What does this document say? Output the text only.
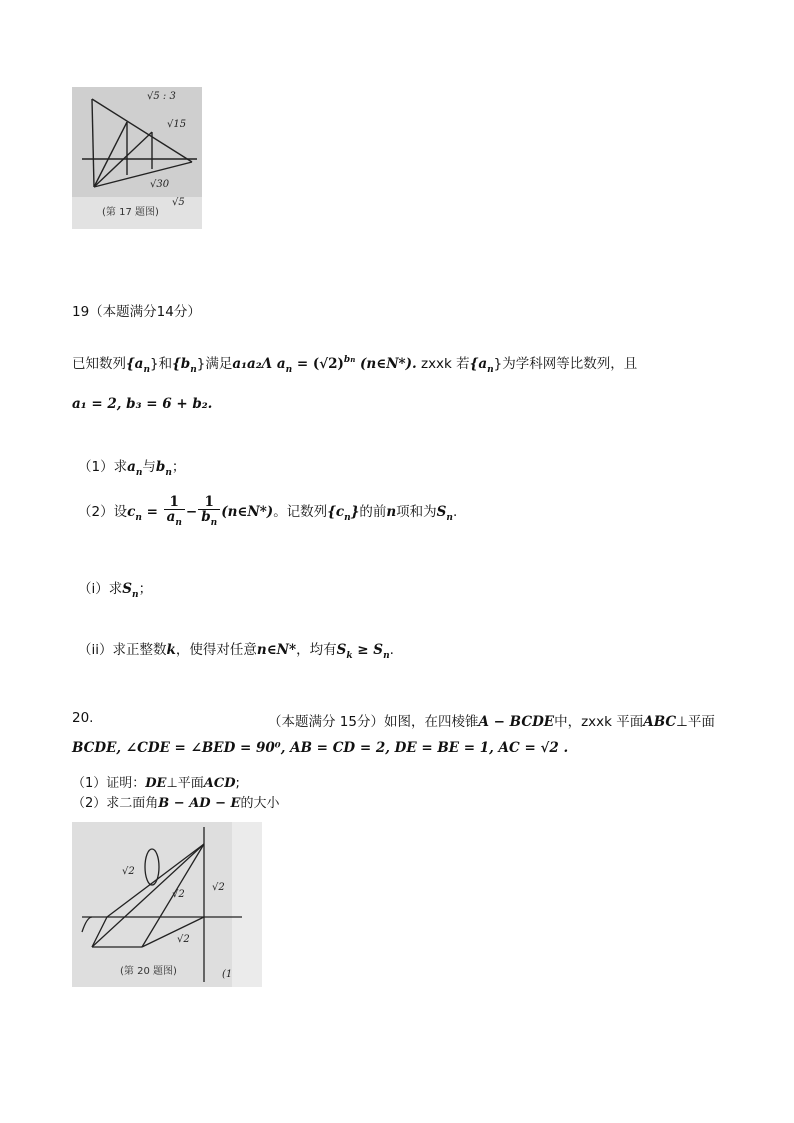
√5 : 3
√15
√30
√5
(第 17 题图)
19（本题满分14分）
已知数列$\{a_n\}$和$\{b_n\}$满足a₁a₂Λ $a_n = (√2)^{bn}$ (n∈N*). zxxk 若$\{a_n\}$为学科网等比数列，且
a₁ = 2, b₃ = 6 + b₂.
（1）求$a_n$与$b_n$；
（2）设$c_n = \frac{1}{a_n} - \frac{1}{b_n}$ (n∈N*)。记数列$\{c_n\}$的前n项和为$S_n$.
（i）求$S_n$；
（ii）求正整数k，使得对任意n∈N*，均有$S_k \ge S_n$.
20.	（本题满分 15分）如图，在四棱锥A − BCDE中，zxxk 平面ABC⊥平面
BCDE, ∠CDE = ∠BED = 90⁰, AB = CD = 2, DE = BE = 1, AC = √2 .
（1）证明：DE⊥平面ACD;
（2）求二面角B − AD − E的大小
√2
√2
√2
√2
(1
(第 20 题图)
